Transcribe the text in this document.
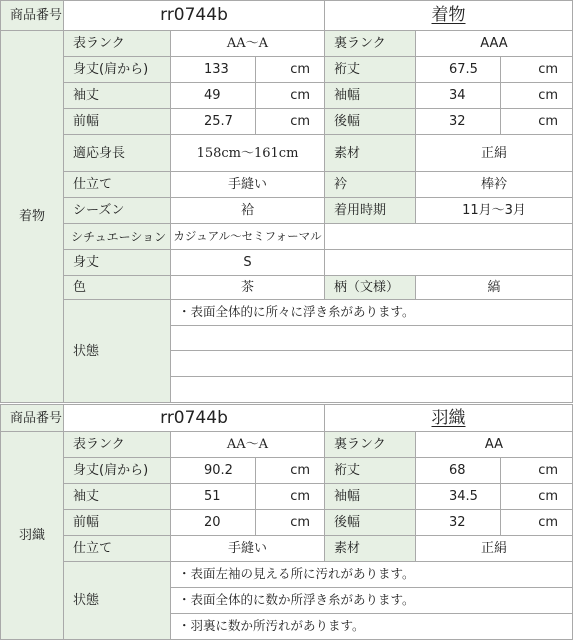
商品番号	rr0744b	着物
着物
表ランク	AA〜A	裏ランク	AAA
身丈(肩から)	133	cm	裄丈	67.5	cm
袖丈	49	cm	袖幅	34	cm
前幅	25.7	cm	後幅	32	cm
適応身長	158cm〜161cm	素材	正絹
仕立て	手縫い	衿	棒衿
シーズン	袷	着用時期	11月〜3月
シチュエーション カジュアル〜セミフォーマル
身丈	S
色	茶	柄（文様）	縞
状態
・表面全体的に所々に浮き糸があります。
商品番号	rr0744b	羽織
羽織
表ランク	AA〜A	裏ランク	AA
身丈(肩から)	90.2	cm	裄丈	68	cm
袖丈	51	cm	袖幅	34.5	cm
前幅	20	cm	後幅	32	cm
仕立て	手縫い	素材	正絹
状態
・表面左袖の見える所に汚れがあります。
・表面全体的に数か所浮き糸があります。
・羽裏に数か所汚れがあります。
